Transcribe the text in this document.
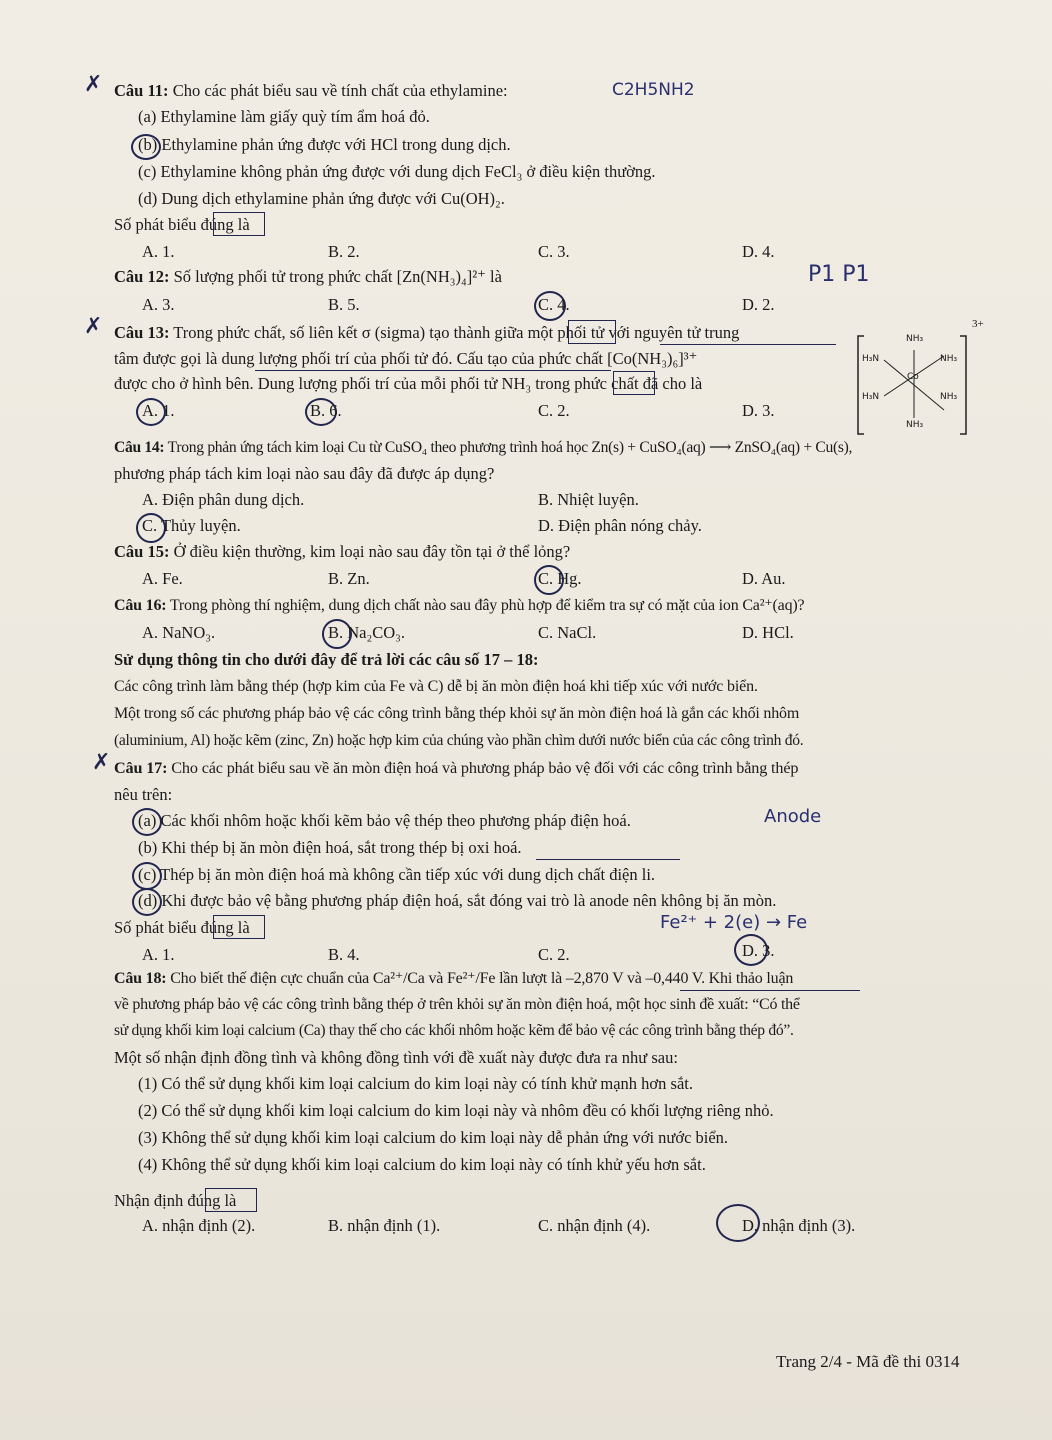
✗ Câu 11: Cho các phát biểu sau về tính chất của ethylamine:	C2H5NH2
(a) Ethylamine làm giấy quỳ tím ẩm hoá đỏ.
(b) Ethylamine phản ứng được với HCl trong dung dịch.
(c) Ethylamine không phản ứng được với dung dịch FeCl₃ ở điều kiện thường.
(d) Dung dịch ethylamine phản ứng được với Cu(OH)₂.
Số phát biểu đúng là
A. 1.	B. 2.	C. 3.	D. 4.
Câu 12: Số lượng phối tử trong phức chất [Zn(NH₃)₄]²⁺ là	P1 P1
A. 3.	B. 5.	C. 4.	D. 2.
✗ Câu 13: Trong phức chất, số liên kết σ (sigma) tạo thành giữa một phối tử với nguyên tử trung
tâm được gọi là dung lượng phối trí của phối tử đó. Cấu tạo của phức chất [Co(NH₃)₆]³⁺
được cho ở hình bên. Dung lượng phối trí của mỗi phối tử NH₃ trong phức chất đã cho là
A. 1.	B. 6.	C. 2.	D. 3.
NH₃
H₃N	NH₃
Co
H₃N	NH₃
NH₃
3+
Câu 14: Trong phản ứng tách kim loại Cu từ CuSO₄ theo phương trình hoá học Zn(s) + CuSO₄(aq) ⟶ ZnSO₄(aq) + Cu(s),
phương pháp tách kim loại nào sau đây đã được áp dụng?
A. Điện phân dung dịch.	B. Nhiệt luyện.
C. Thủy luyện.	D. Điện phân nóng chảy.
Câu 15: Ở điều kiện thường, kim loại nào sau đây tồn tại ở thể lỏng?
A. Fe.	B. Zn.	C. Hg.	D. Au.
Câu 16: Trong phòng thí nghiệm, dung dịch chất nào sau đây phù hợp để kiểm tra sự có mặt của ion Ca²⁺(aq)?
A. NaNO₃.	B. Na₂CO₃.	C. NaCl.	D. HCl.
Sử dụng thông tin cho dưới đây để trả lời các câu số 17 – 18:
Các công trình làm bằng thép (hợp kim của Fe và C) dễ bị ăn mòn điện hoá khi tiếp xúc với nước biển.
Một trong số các phương pháp bảo vệ các công trình bằng thép khỏi sự ăn mòn điện hoá là gắn các khối nhôm
(aluminium, Al) hoặc kẽm (zinc, Zn) hoặc hợp kim của chúng vào phần chìm dưới nước biển của các công trình đó.
✗ Câu 17: Cho các phát biểu sau về ăn mòn điện hoá và phương pháp bảo vệ đối với các công trình bằng thép
nêu trên:
(a) Các khối nhôm hoặc khối kẽm bảo vệ thép theo phương pháp điện hoá.	Anode
(b) Khi thép bị ăn mòn điện hoá, sắt trong thép bị oxi hoá.
(c) Thép bị ăn mòn điện hoá mà không cần tiếp xúc với dung dịch chất điện li.
(d) Khi được bảo vệ bằng phương pháp điện hoá, sắt đóng vai trò là anode nên không bị ăn mòn.
Fe²⁺ + 2(e) → Fe
Số phát biểu đúng là
A. 1.	B. 4.	C. 2.	D. 3.
Câu 18: Cho biết thế điện cực chuẩn của Ca²⁺/Ca và Fe²⁺/Fe lần lượt là –2,870 V và –0,440 V. Khi thảo luận
về phương pháp bảo vệ các công trình bằng thép ở trên khỏi sự ăn mòn điện hoá, một học sinh đề xuất: “Có thể
sử dụng khối kim loại calcium (Ca) thay thế cho các khối nhôm hoặc kẽm để bảo vệ các công trình bằng thép đó”.
Một số nhận định đồng tình và không đồng tình với đề xuất này được đưa ra như sau:
(1) Có thể sử dụng khối kim loại calcium do kim loại này có tính khử mạnh hơn sắt.
(2) Có thể sử dụng khối kim loại calcium do kim loại này và nhôm đều có khối lượng riêng nhỏ.
(3) Không thể sử dụng khối kim loại calcium do kim loại này dễ phản ứng với nước biển.
(4) Không thể sử dụng khối kim loại calcium do kim loại này có tính khử yếu hơn sắt.
Nhận định đúng là
A. nhận định (2).	B. nhận định (1).	C. nhận định (4).	D. nhận định (3).
Trang 2/4 - Mã đề thi 0314
